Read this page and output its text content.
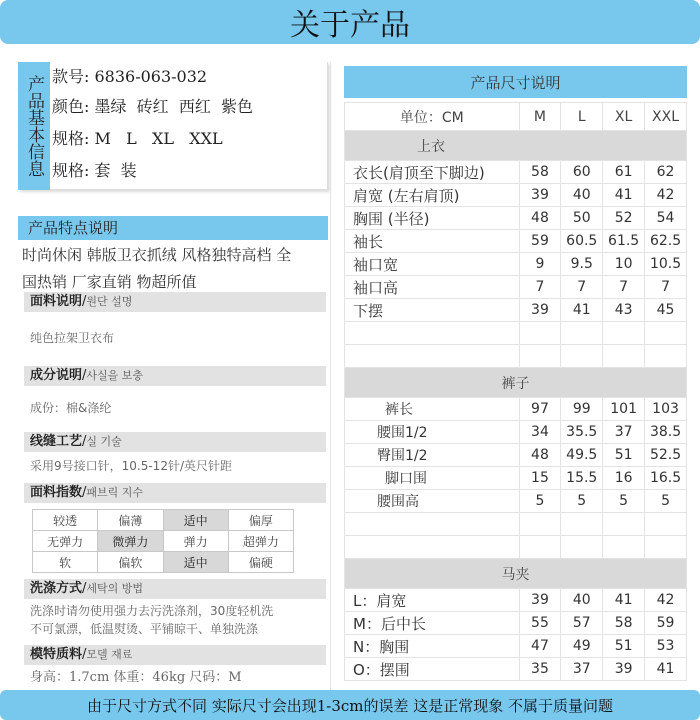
关于产品
产品基本信息 款号: 6836-063-032
颜色: 墨绿  砖红  西红  紫色
规格: M   L   XL   XXL
规格: 套  装
产品特点说明
时尚休闲 韩版卫衣抓绒 风格独特高档 全
国热销 厂家直销 物超所值
面料说明/원단 설명
纯色拉架卫衣布
成分说明/사실을 보충
成份：棉&涤纶
线缝工艺/실 기술
采用9号接口针，10.5-12针/英尺针距
面料指数/패브릭 지수
较透	偏薄	适中	偏厚
无弹力	微弹力	弹力	超弹力
软	偏软	适中	偏硬
洗涤方式/세탁의 방법
洗涤时请勿使用强力去污洗涤剂，30度轻机洗
不可氯漂，低温熨烫、平铺晾干、单独洗涤
模特质料/모델 재료
身高：1.7cm 体重：46kg 尺码：M
产品尺寸说明
单位：CM	M	L	XL	XXL
上衣				
衣长(肩顶至下脚边)	58	60	61	62
肩宽 (左右肩顶)	39	40	41	42
胸围 (半径)	48	50	52	54
袖长	59	60.5	61.5	62.5
袖口宽	9	9.5	10	10.5
袖口高	7	7	7	7
下摆	39	41	43	45

裤子				
裤长	97	99	101	103
腰围1/2	34	35.5	37	38.5
臀围1/2	48	49.5	51	52.5
脚口围	15	15.5	16	16.5
腰围高	5	5	5	5

马夹				
L：肩宽	39	40	41	42
M：后中长	55	57	58	59
N：胸围	47	49	51	53
O：摆围	35	37	39	41
由于尺寸方式不同 实际尺寸会出现1-3cm的误差 这是正常现象 不属于质量问题
